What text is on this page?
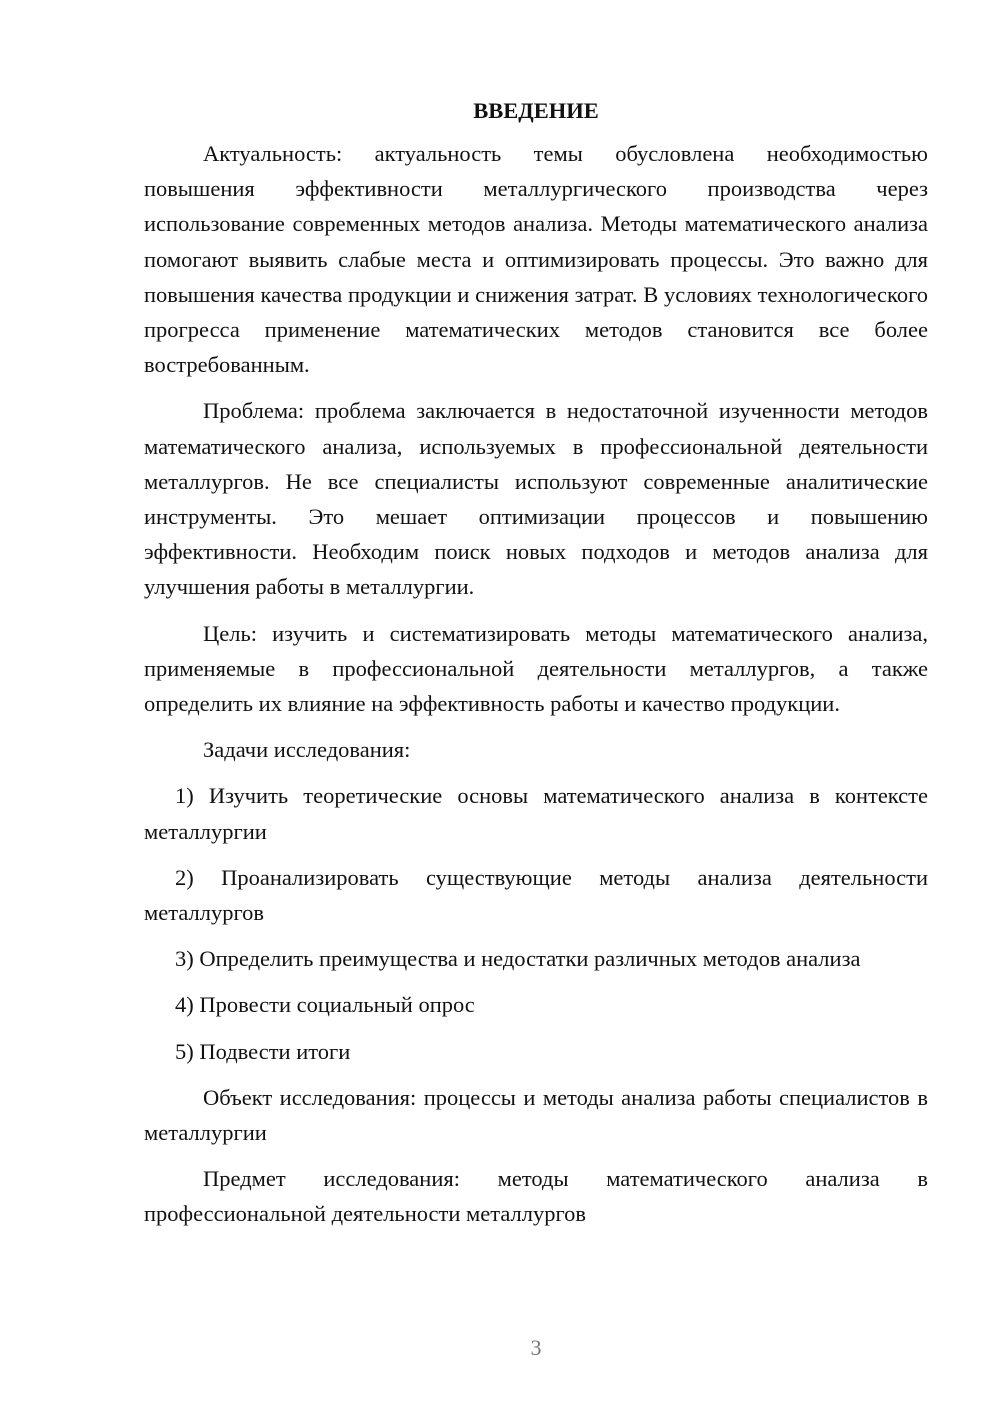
ВВЕДЕНИЕ

Актуальность: актуальность темы обусловлена необходимостью повышения эффективности металлургического производства через использование современных методов анализа. Методы математического анализа помогают выявить слабые места и оптимизировать процессы. Это важно для повышения качества продукции и снижения затрат. В условиях технологического прогресса применение математических методов становится все более востребованным.

Проблема: проблема заключается в недостаточной изученности методов математического анализа, используемых в профессиональной деятельности металлургов. Не все специалисты используют современные аналитические инструменты. Это мешает оптимизации процессов и повышению эффективности. Необходим поиск новых подходов и методов анализа для улучшения работы в металлургии.

Цель: изучить и систематизировать методы математического анализа, применяемые в профессиональной деятельности металлургов, а также определить их влияние на эффективность работы и качество продукции.

Задачи исследования:

1) Изучить теоретические основы математического анализа в контексте металлургии

2) Проанализировать существующие методы анализа деятельности металлургов

3) Определить преимущества и недостатки различных методов анализа

4) Провести социальный опрос

5) Подвести итоги

Объект исследования: процессы и методы анализа работы специалистов в металлургии

Предмет исследования: методы математического анализа в профессиональной деятельности металлургов

3
